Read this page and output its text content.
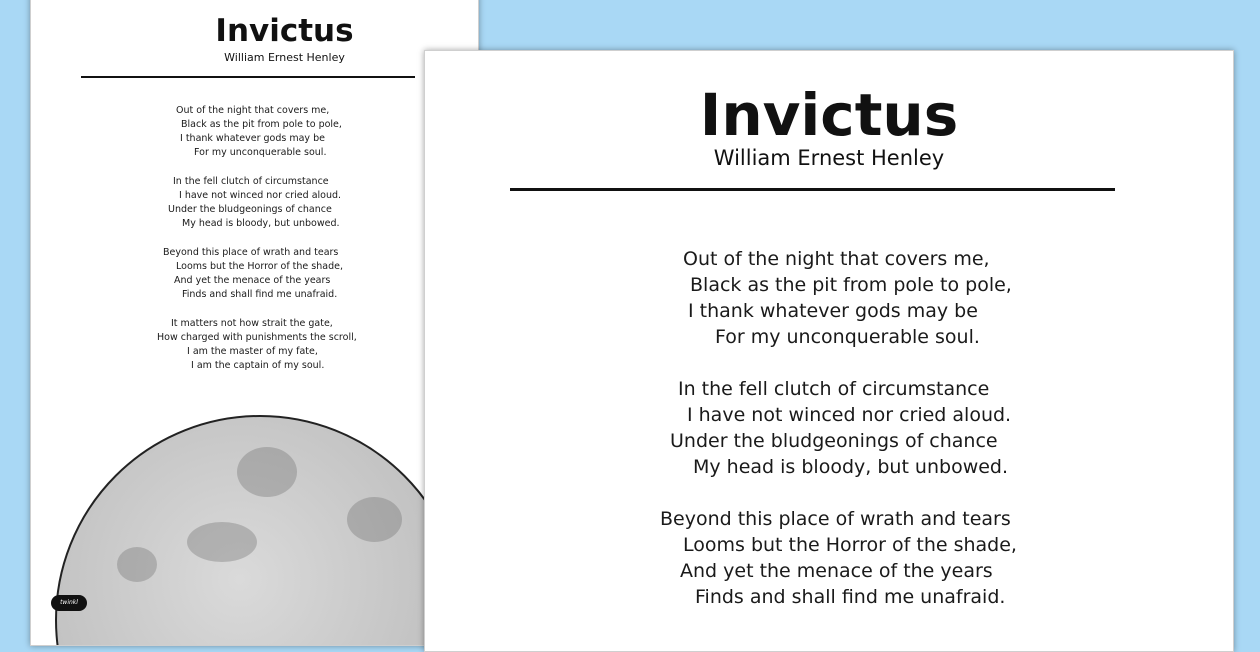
Invictus
William Ernest Henley
Out of the night that covers me,
Black as the pit from pole to pole,
I thank whatever gods may be
For my unconquerable soul.
In the fell clutch of circumstance
I have not winced nor cried aloud.
Under the bludgeonings of chance
My head is bloody, but unbowed.
Beyond this place of wrath and tears
Looms but the Horror of the shade,
And yet the menace of the years
Finds and shall find me unafraid.
It matters not how strait the gate,
How charged with punishments the scroll,
I am the master of my fate,
I am the captain of my soul.
twinkl
Invictus
William Ernest Henley
Out of the night that covers me,
Black as the pit from pole to pole,
I thank whatever gods may be
For my unconquerable soul.
In the fell clutch of circumstance
I have not winced nor cried aloud.
Under the bludgeonings of chance
My head is bloody, but unbowed.
Beyond this place of wrath and tears
Looms but the Horror of the shade,
And yet the menace of the years
Finds and shall find me unafraid.
